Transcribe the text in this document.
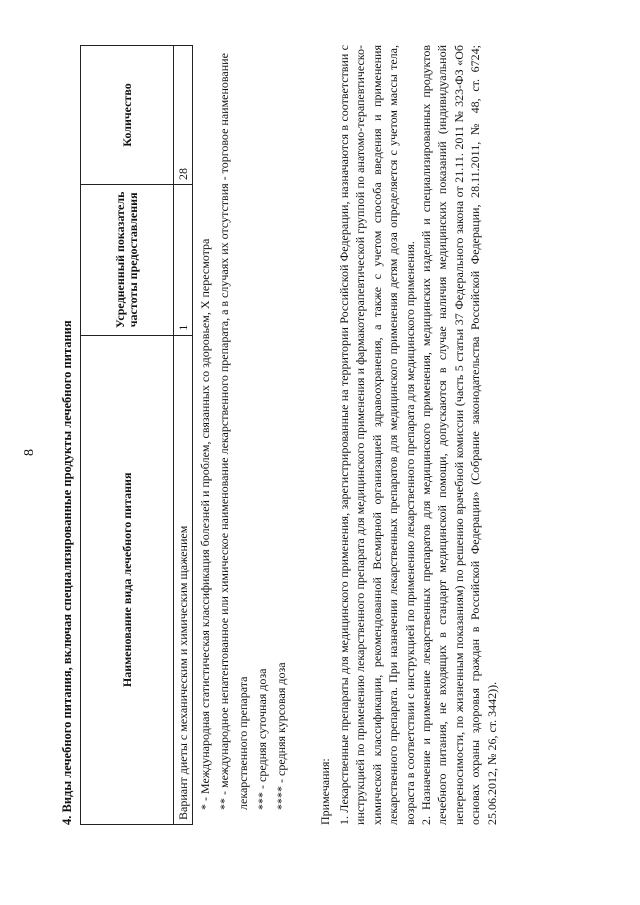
8 4. Виды лечебного питания, включая специализированные продукты лечебного питания	Наименование вида лечебного питания	Усредненный показатель частоты предоставления	Количество
Вариант диеты с механическим и химическим щажением	1	28

* - Международная статистическая классификация болезней и проблем, связанных со здоровьем, X пересмотра ** - международное непатентованное или химическое наименование лекарственного препарата, а в случаях их отсутствия - торговое наименование лекарственного препарата *** - средняя суточная доза **** - средняя курсовая доза	Примечания: 1. Лекарственные препараты для медицинского применения, зарегистрированные на территории Российской Федерации, назначаются в соответствии с инструкцией по применению лекарственного препарата для медицинского применения и фармакотерапевтической группой по анатомо-терапевтическо-химической классификации, рекомендованной Всемирной организацией здравоохранения, а также с учетом способа введения и применения лекарственного препарата. При назначении лекарственных препаратов для медицинского применения детям доза определяется с учетом массы тела, возраста в соответствии с инструкцией по применению лекарственного препарата для медицинского применения. 2. Назначение и применение лекарственных препаратов для медицинского применения, медицинских изделий и специализированных продуктов лечебного питания, не входящих в стандарт медицинской помощи, допускаются в случае наличия медицинских показаний (индивидуальной непереносимости, по жизненным показаниям) по решению врачебной комиссии (часть 5 статьи 37 Федерального закона от 21.11. 2011 № 323-ФЗ «Об основах охраны здоровья граждан в Российской Федерации» (Собрание законодательства Российской Федерации, 28.11.2011, № 48, ст. 6724; 25.06.2012, № 26, ст. 3442)).
